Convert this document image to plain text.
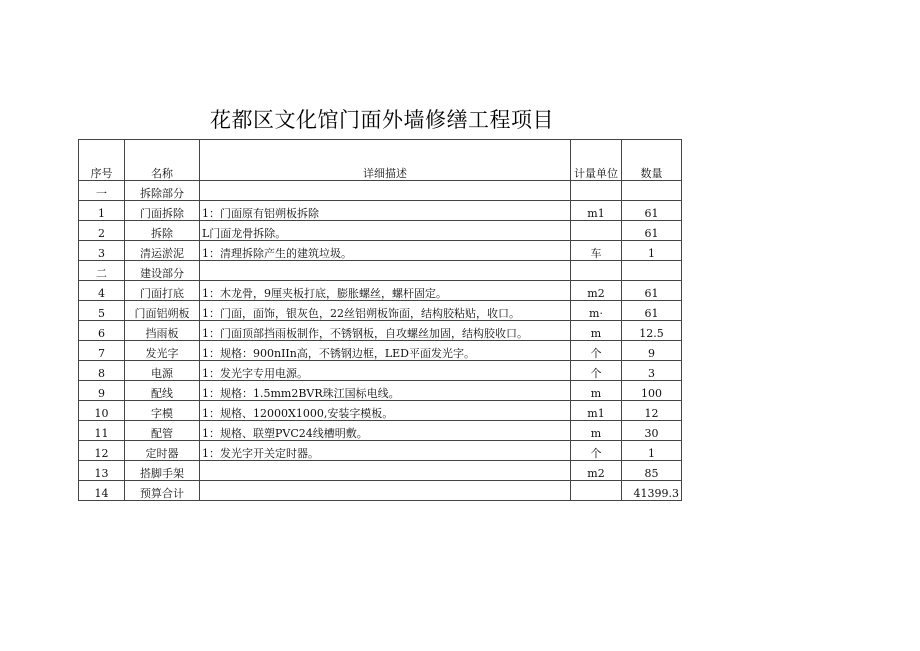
花都区文化馆门面外墙修缮工程项目
序号	名称	详细描述	计量单位	数量
一	拆除部分			
1	门面拆除	1：门面原有铝朔板拆除	m1	61
2	拆除	L门面龙骨拆除。		61
3	清运淤泥	1：清理拆除产生的建筑垃圾。	车	1
二	建设部分			
4	门面打底	1：木龙骨，9厘夹板打底，膨胀螺丝，螺杆固定。	m2	61
5	门面铝朔板	1：门面，面饰，银灰色，22丝铝朔板饰面，结构胶粘贴，收口。	m·	61
6	挡雨板	1：门面顶部挡雨板制作，不锈钢板，自攻螺丝加固，结构胶收口。	m	12.5
7	发光字	1：规格：900nIIn高，不锈钢边框，LED平面发光字。	个	9
8	电源	1：发光字专用电源。	个	3
9	配线	1：规格：1.5mm2BVR珠江国标电线。	m	100
10	字模	1：规格、12000X1000,安装字模板。	m1	12
11	配管	1：规格、联塑PVC24线槽明敷。	m	30
12	定时器	1：发光字开关定时器。	个	1
13	搭脚手架		m2	85
14	预算合计			41399.3
